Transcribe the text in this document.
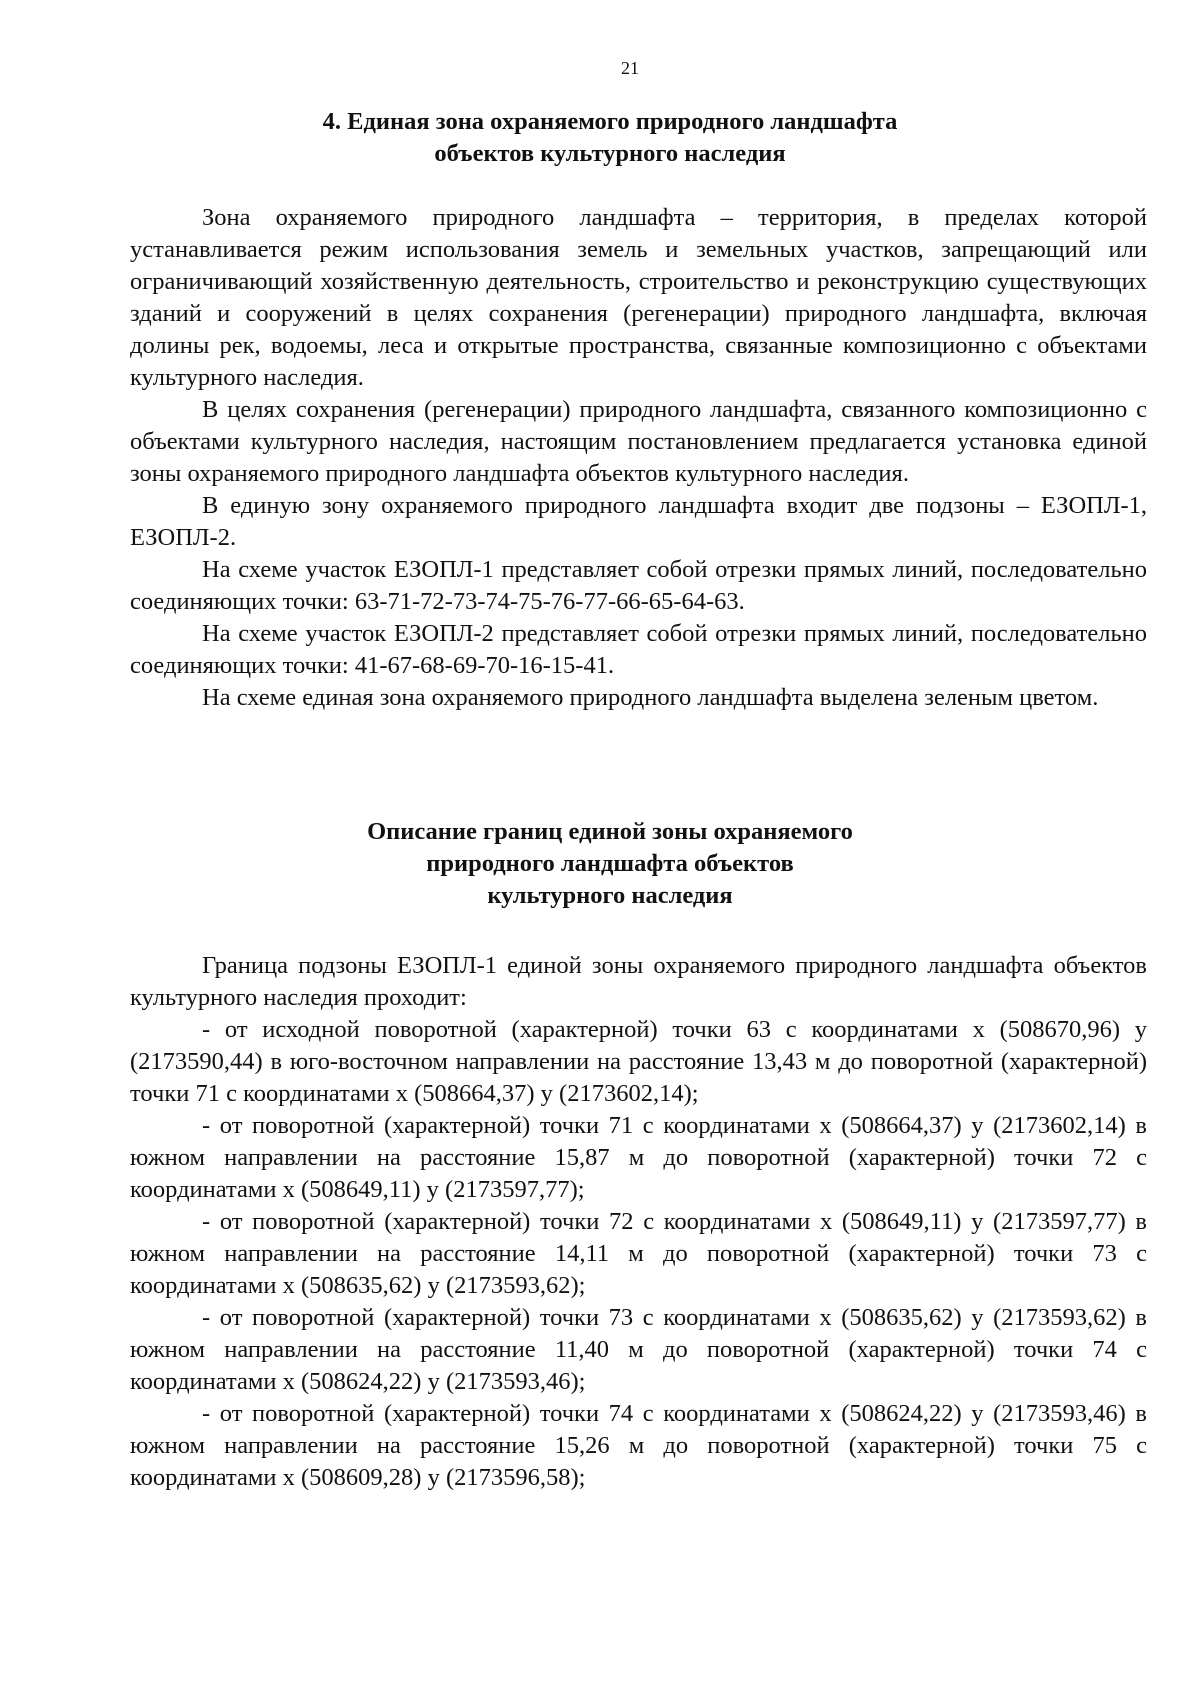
21
4. Единая зона охраняемого природного ландшафта
объектов культурного наследия

Зона охраняемого природного ландшафта – территория, в пределах которой устанавливается режим использования земель и земельных участков, запрещающий или ограничивающий хозяйственную деятельность, строительство и реконструкцию существующих зданий и сооружений в целях сохранения (регенерации) природного ландшафта, включая долины рек, водоемы, леса и открытые пространства, связанные композиционно с объектами культурного наследия.

В целях сохранения (регенерации) природного ландшафта, связанного композиционно с объектами культурного наследия, настоящим постановлением предлагается установка единой зоны охраняемого природного ландшафта объектов культурного наследия.

В единую зону охраняемого природного ландшафта входит две подзоны – ЕЗОПЛ-1, ЕЗОПЛ-2.

На схеме участок ЕЗОПЛ-1 представляет собой отрезки прямых линий, последовательно соединяющих точки: 63-71-72-73-74-75-76-77-66-65-64-63.

На схеме участок ЕЗОПЛ-2 представляет собой отрезки прямых линий, последовательно соединяющих точки: 41-67-68-69-70-16-15-41.

На схеме единая зона охраняемого природного ландшафта выделена зеленым цветом.

Описание границ единой зоны охраняемого
природного ландшафта объектов
культурного наследия

Граница подзоны ЕЗОПЛ-1 единой зоны охраняемого природного ландшафта объектов культурного наследия проходит:

- от исходной поворотной (характерной) точки 63 с координатами х (508670,96) у (2173590,44) в юго-восточном направлении на расстояние 13,43 м до поворотной (характерной) точки 71 с координатами х (508664,37) у (2173602,14);

- от поворотной (характерной) точки 71 с координатами х (508664,37) у (2173602,14) в южном направлении на расстояние 15,87 м до поворотной (характерной) точки 72 с координатами х (508649,11) у (2173597,77);

- от поворотной (характерной) точки 72 с координатами х (508649,11) у (2173597,77) в южном направлении на расстояние 14,11 м до поворотной (характерной) точки 73 с координатами х (508635,62) у (2173593,62);

- от поворотной (характерной) точки 73 с координатами х (508635,62) у (2173593,62) в южном направлении на расстояние 11,40 м до поворотной (характерной) точки 74 с координатами х (508624,22) у (2173593,46);

- от поворотной (характерной) точки 74 с координатами х (508624,22) у (2173593,46) в южном направлении на расстояние 15,26 м до поворотной (характерной) точки 75 с координатами х (508609,28) у (2173596,58);
